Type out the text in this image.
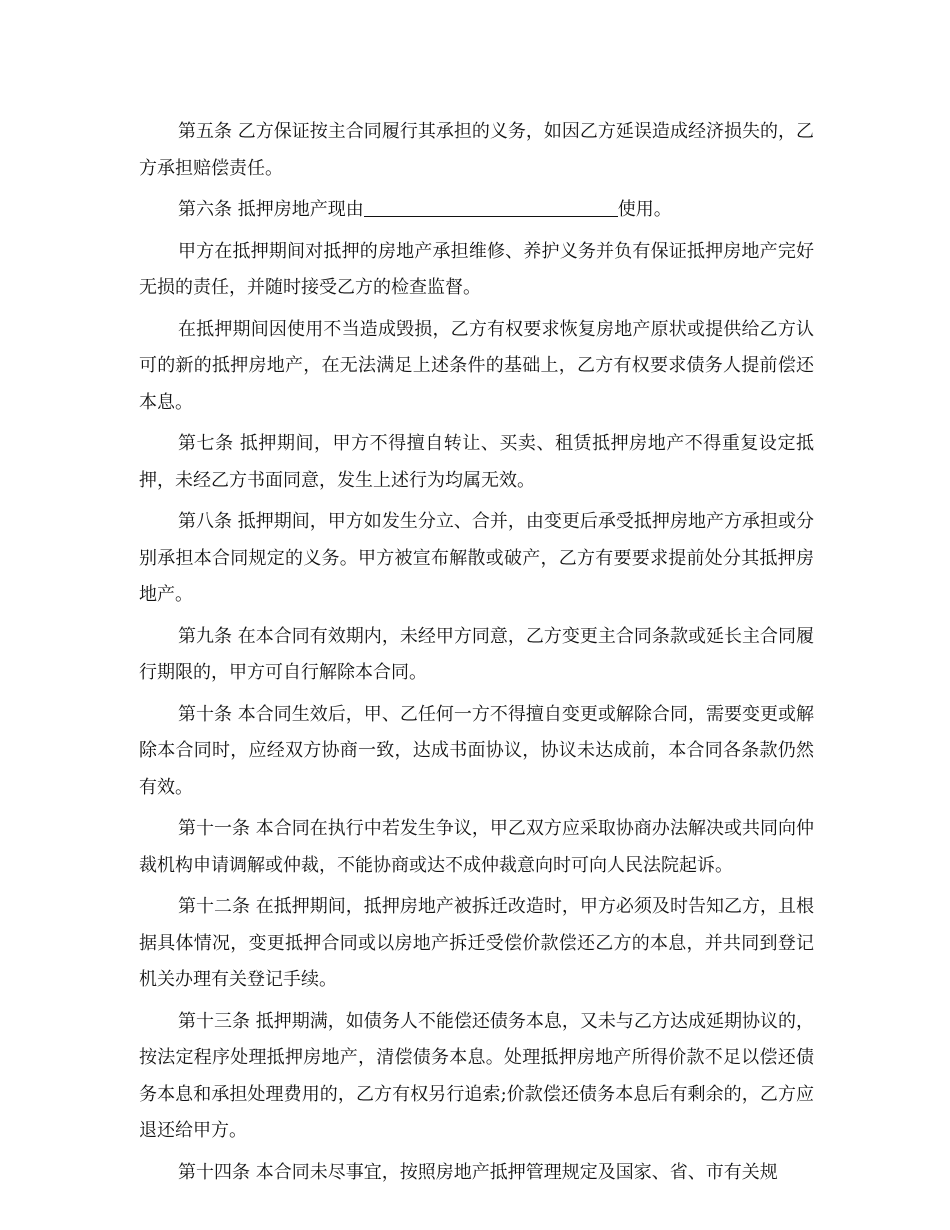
第五条 乙方保证按主合同履行其承担的义务，如因乙方延误造成经济损失的，乙方承担赔偿责任。

第六条 抵押房地产现由	使用。

甲方在抵押期间对抵押的房地产承担维修、养护义务并负有保证抵押房地产完好无损的责任，并随时接受乙方的检查监督。

在抵押期间因使用不当造成毁损，乙方有权要求恢复房地产原状或提供给乙方认可的新的抵押房地产，在无法满足上述条件的基础上，乙方有权要求债务人提前偿还本息。

第七条 抵押期间，甲方不得擅自转让、买卖、租赁抵押房地产不得重复设定抵押，未经乙方书面同意，发生上述行为均属无效。

第八条 抵押期间，甲方如发生分立、合并，由变更后承受抵押房地产方承担或分别承担本合同规定的义务。甲方被宣布解散或破产，乙方有要要求提前处分其抵押房地产。

第九条 在本合同有效期内，未经甲方同意，乙方变更主合同条款或延长主合同履行期限的，甲方可自行解除本合同。

第十条 本合同生效后，甲、乙任何一方不得擅自变更或解除合同，需要变更或解除本合同时，应经双方协商一致，达成书面协议，协议未达成前，本合同各条款仍然有效。

第十一条 本合同在执行中若发生争议，甲乙双方应采取协商办法解决或共同向仲裁机构申请调解或仲裁，不能协商或达不成仲裁意向时可向人民法院起诉。

第十二条 在抵押期间，抵押房地产被拆迁改造时，甲方必须及时告知乙方，且根据具体情况，变更抵押合同或以房地产拆迁受偿价款偿还乙方的本息，并共同到登记机关办理有关登记手续。

第十三条 抵押期满，如债务人不能偿还债务本息，又未与乙方达成延期协议的，按法定程序处理抵押房地产，清偿债务本息。处理抵押房地产所得价款不足以偿还债务本息和承担处理费用的，乙方有权另行追索;价款偿还债务本息后有剩余的，乙方应退还给甲方。

第十四条 本合同未尽事宜，按照房地产抵押管理规定及国家、省、市有关规
